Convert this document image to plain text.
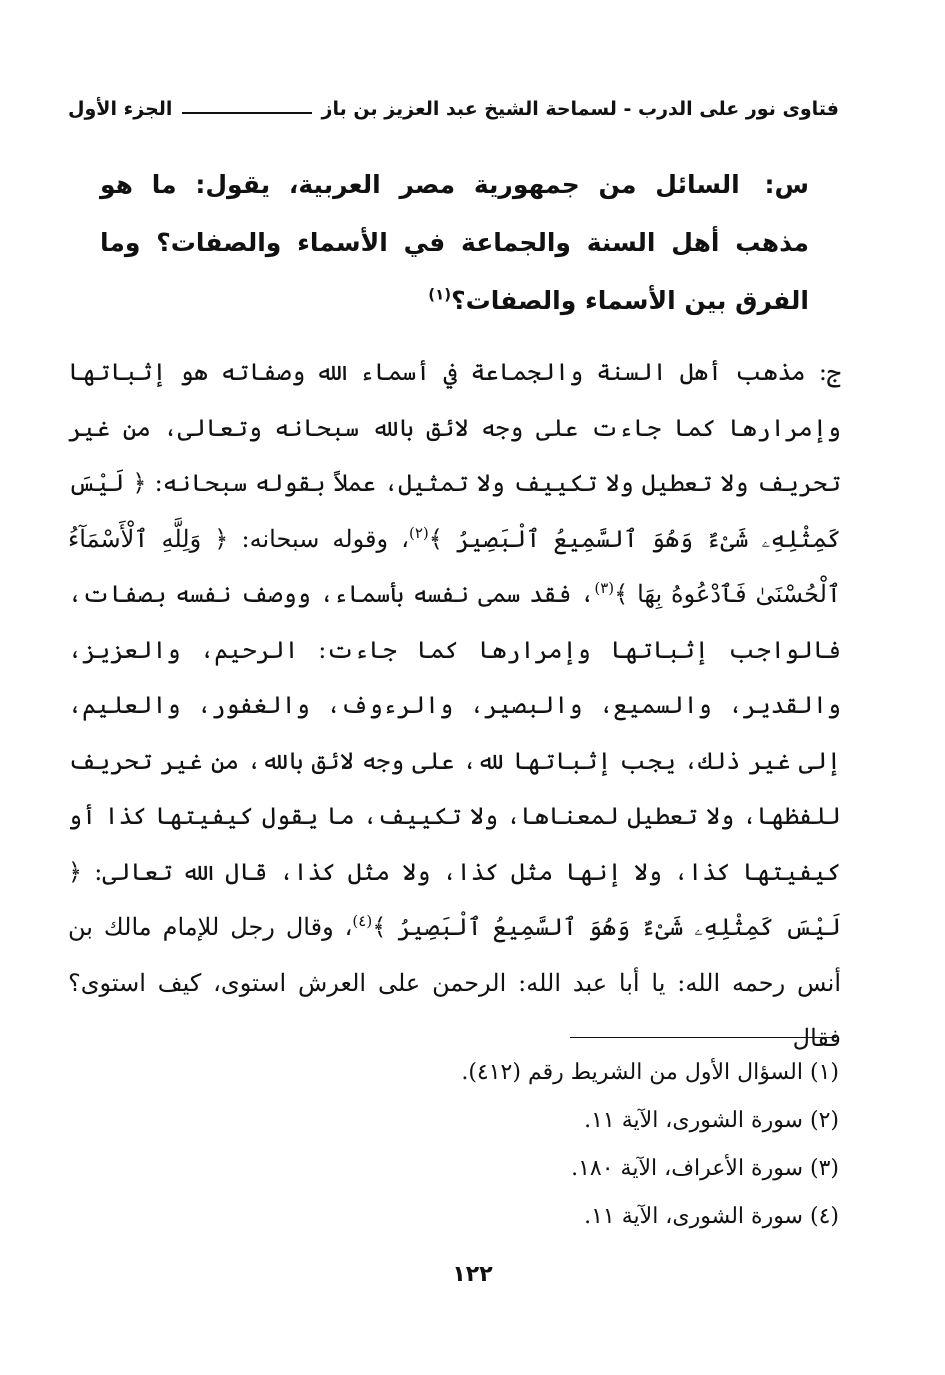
فتاوى نور على الدرب - لسماحة الشيخ عبد العزيز بن باز
الجزء الأول
س: السائل من جمهورية مصر العربية، يقول: ما هو مذهب أهل السنة والجماعة في الأسماء والصفات؟ وما الفرق بين الأسماء والصفات؟$^{(١)}$
ج: مذهب أهل السنة والجماعة في أسماء الله وصفاته هو إثباتها وإمرارها كما جاءت على وجه لائق بالله سبحانه وتعالى، من غير تحريف ولا تعطيل ولا تكييف ولا تمثيل، عملاً بقوله سبحانه: ﴿ لَيْسَ كَمِثْلِهِۦ شَىْءٌ وَهُوَ ٱلسَّمِيعُ ٱلْبَصِيرُ ﴾$^{(٢)}$، وقوله سبحانه: ﴿ وَلِلَّهِ ٱلْأَسْمَآءُ ٱلْحُسْنَىٰ فَٱدْعُوهُ بِهَا ﴾$^{(٣)}$، فقد سمى نفسه بأسماء، ووصف نفسه بصفات، فالواجب إثباتها وإمرارها كما جاءت: الرحيم، والعزيز، والقدير، والسميع، والبصير، والرءوف، والغفور، والعليم، إلى غير ذلك، يجب إثباتها لله، على وجه لائق بالله، من غير تحريف للفظها، ولا تعطيل لمعناها، ولا تكييف، ما يقول كيفيتها كذا أو كيفيتها كذا، ولا إنها مثل كذا، ولا مثل كذا، قال الله تعالى: ﴿ لَيْسَ كَمِثْلِهِۦ شَىْءٌ وَهُوَ ٱلسَّمِيعُ ٱلْبَصِيرُ ﴾$^{(٤)}$، وقال رجل للإمام مالك بن أنس رحمه الله: يا أبا عبد الله: الرحمن على العرش استوى، كيف استوى؟ فقال
(١) السؤال الأول من الشريط رقم (٤١٢).
(٢) سورة الشورى، الآية ١١.
(٣) سورة الأعراف، الآية ١٨٠.
(٤) سورة الشورى، الآية ١١.
١٢٢
